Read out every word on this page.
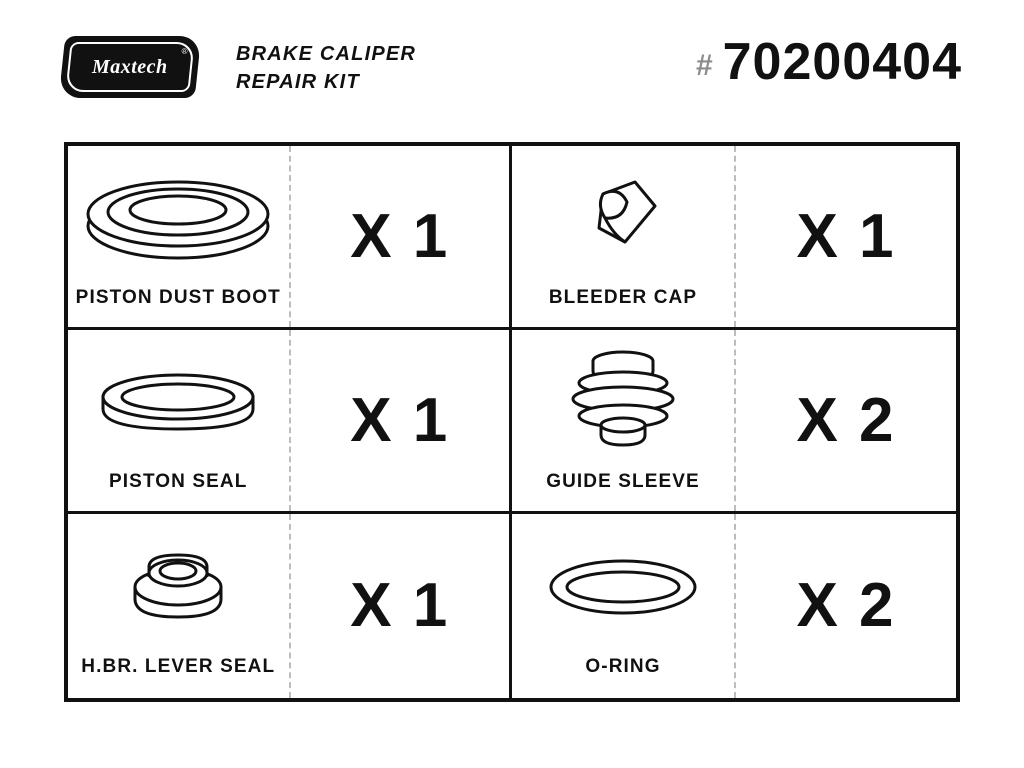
Maxtech
® BRAKE CALIPER
REPAIR KIT	# 70200404
PISTON DUST BOOT
X 1
BLEEDER CAP
X 1
PISTON SEAL
X 1
GUIDE SLEEVE
X 2
H.BR. LEVER SEAL
X 1
O-RING
X 2
